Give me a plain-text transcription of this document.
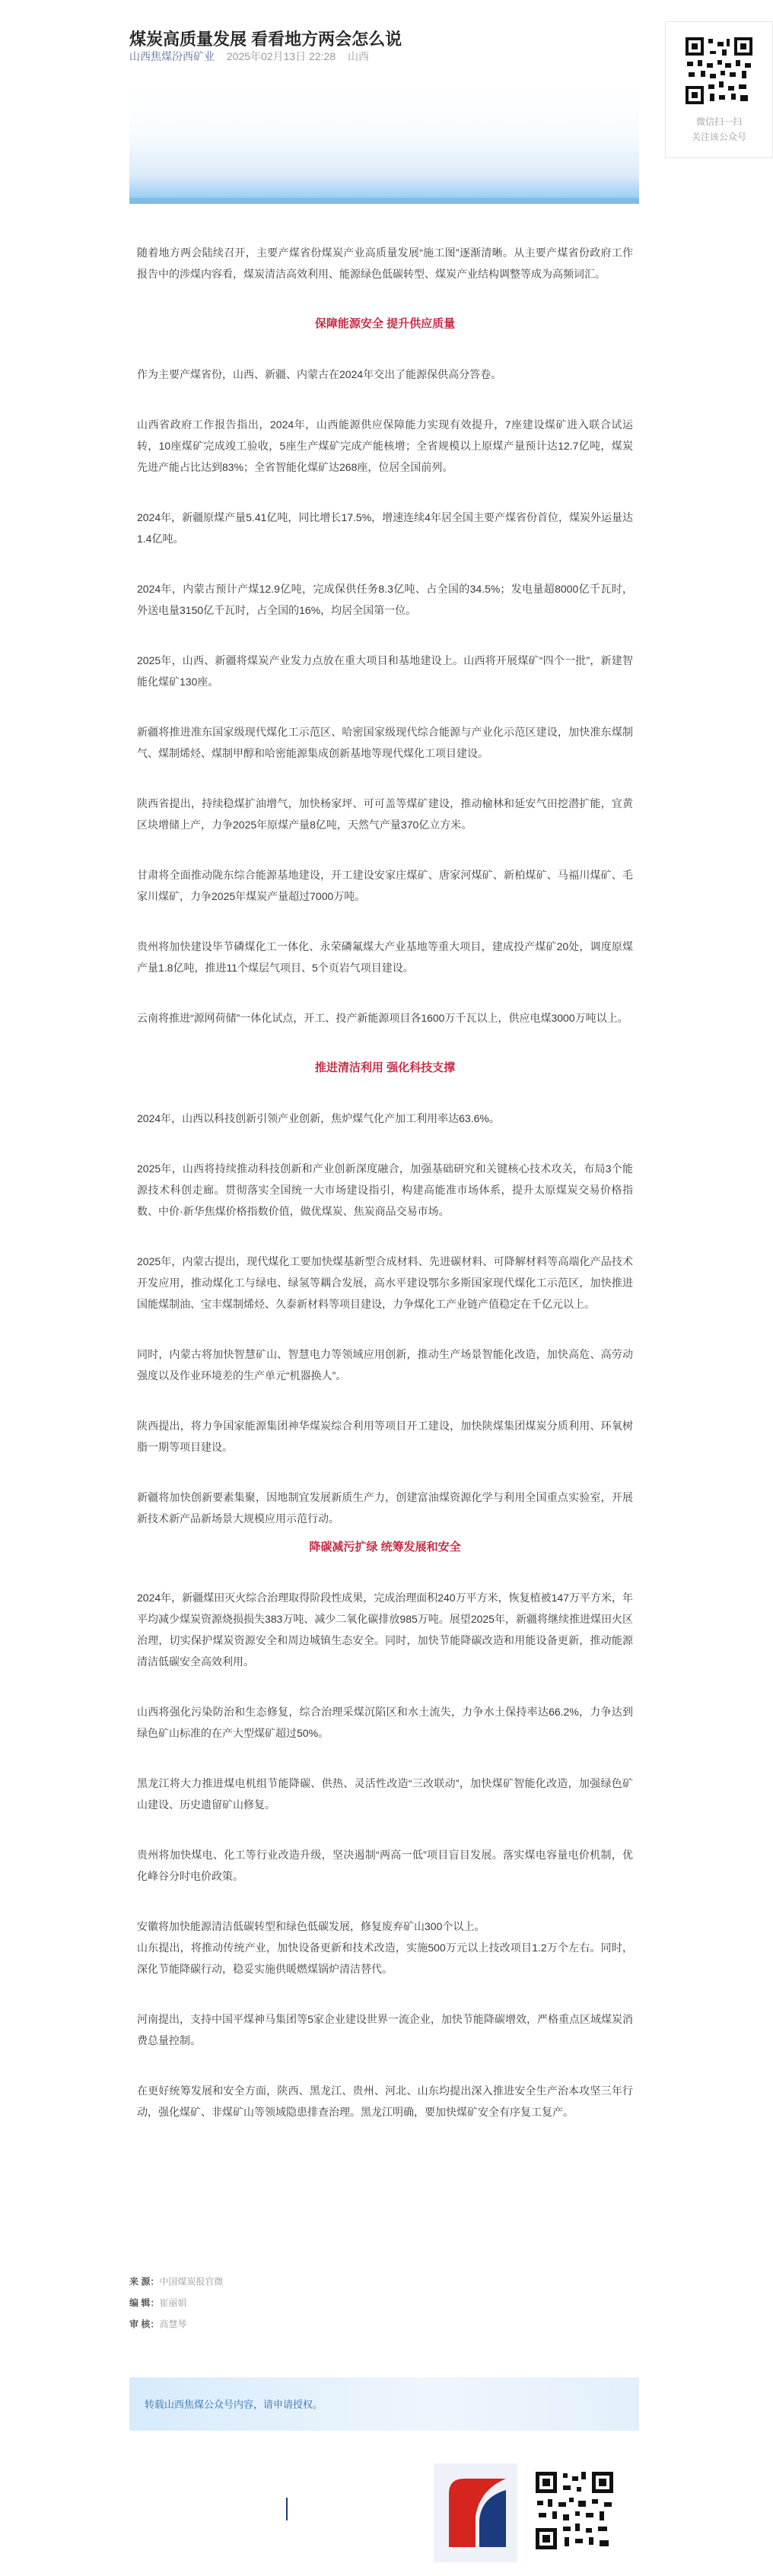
煤炭高质量发展 看看地方两会怎么说
山西焦煤汾西矿业 2025年02月13日 22:28 山西

随着地方两会陆续召开，主要产煤省份煤炭产业高质量发展“施工图”逐渐清晰。从主要产煤省份政府工作报告中的涉煤内容看，煤炭清洁高效利用、能源绿色低碳转型、煤炭产业结构调整等成为高频词汇。

保障能源安全 提升供应质量

作为主要产煤省份，山西、新疆、内蒙古在2024年交出了能源保供高分答卷。

山西省政府工作报告指出，2024年，山西能源供应保障能力实现有效提升，7座建设煤矿进入联合试运转，10座煤矿完成竣工验收，5座生产煤矿完成产能核增；全省规模以上原煤产量预计达12.7亿吨，煤炭先进产能占比达到83%；全省智能化煤矿达268座，位居全国前列。

2024年，新疆原煤产量5.41亿吨，同比增长17.5%，增速连续4年居全国主要产煤省份首位，煤炭外运量达1.4亿吨。

2024年，内蒙古预计产煤12.9亿吨，完成保供任务8.3亿吨、占全国的34.5%；发电量超8000亿千瓦时，外送电量3150亿千瓦时，占全国的16%，均居全国第一位。

2025年，山西、新疆将煤炭产业发力点放在重大项目和基地建设上。山西将开展煤矿“四个一批”，新建智能化煤矿130座。

新疆将推进准东国家级现代煤化工示范区、哈密国家级现代综合能源与产业化示范区建设，加快准东煤制气、煤制烯烃、煤制甲醇和哈密能源集成创新基地等现代煤化工项目建设。

陕西省提出，持续稳煤扩油增气，加快杨家坪、可可盖等煤矿建设，推动榆林和延安气田挖潜扩能，宜黄区块增储上产，力争2025年原煤产量8亿吨，天然气产量370亿立方米。

甘肃将全面推动陇东综合能源基地建设，开工建设安家庄煤矿、唐家河煤矿、新柏煤矿、马福川煤矿、毛家川煤矿，力争2025年煤炭产量超过7000万吨。

贵州将加快建设毕节磷煤化工一体化、永荣磷氟煤大产业基地等重大项目，建成投产煤矿20处，调度原煤产量1.8亿吨，推进11个煤层气项目、5个页岩气项目建设。

云南将推进“源网荷储”一体化试点，开工、投产新能源项目各1600万千瓦以上，供应电煤3000万吨以上。

推进清洁利用 强化科技支撑

2024年，山西以科技创新引领产业创新，焦炉煤气化产加工利用率达63.6%。

2025年，山西将持续推动科技创新和产业创新深度融合，加强基础研究和关键核心技术攻关，布局3个能源技术科创走廊。贯彻落实全国统一大市场建设指引，构建高能准市场体系，提升太原煤炭交易价格指数、中价·新华焦煤价格指数价值，做优煤炭、焦炭商品交易市场。

2025年，内蒙古提出，现代煤化工要加快煤基新型合成材料、先进碳材料、可降解材料等高端化产品技术开发应用，推动煤化工与绿电、绿氢等耦合发展，高水平建设鄂尔多斯国家现代煤化工示范区，加快推进国能煤制油、宝丰煤制烯烃、久泰新材料等项目建设，力争煤化工产业链产值稳定在千亿元以上。

同时，内蒙古将加快智慧矿山、智慧电力等领域应用创新，推动生产场景智能化改造，加快高危、高劳动强度以及作业环境差的生产单元“机器换人”。

陕西提出，将力争国家能源集团神华煤炭综合利用等项目开工建设，加快陕煤集团煤炭分质利用、环氧树脂一期等项目建设。

新疆将加快创新要素集聚，因地制宜发展新质生产力，创建富油煤资源化学与利用全国重点实验室，开展新技术新产品新场景大规模应用示范行动。

降碳减污扩绿 统筹发展和安全

2024年，新疆煤田灭火综合治理取得阶段性成果，完成治理面积240万平方米，恢复植被147万平方米，年平均减少煤炭资源烧损损失383万吨、减少二氧化碳排放985万吨。展望2025年，新疆将继续推进煤田火区治理，切实保护煤炭资源安全和周边城镇生态安全。同时，加快节能降碳改造和用能设备更新，推动能源清洁低碳安全高效利用。

山西将强化污染防治和生态修复，综合治理采煤沉陷区和水土流失，力争水土保持率达66.2%，力争达到绿色矿山标准的在产大型煤矿超过50%。

黑龙江将大力推进煤电机组节能降碳、供热、灵活性改造“三改联动”，加快煤矿智能化改造，加强绿色矿山建设、历史遗留矿山修复。

贵州将加快煤电、化工等行业改造升级，坚决遏制“两高一低”项目盲目发展。落实煤电容量电价机制，优化峰谷分时电价政策。

安徽将加快能源清洁低碳转型和绿色低碳发展，修复废弃矿山300个以上。

山东提出，将推动传统产业，加快设备更新和技术改造，实施500万元以上技改项目1.2万个左右。同时，深化节能降碳行动，稳妥实施供暖燃煤锅炉清洁替代。

河南提出，支持中国平煤神马集团等5家企业建设世界一流企业，加快节能降碳增效，严格重点区域煤炭消费总量控制。

在更好统筹发展和安全方面，陕西、黑龙江、贵州、河北、山东均提出深入推进安全生产治本攻坚三年行动，强化煤矿、非煤矿山等领域隐患排查治理。黑龙江明确，要加快煤矿安全有序复工复产。

来 源：中国煤炭报官微
编 辑：崔丽娟
审 核：高慧琴
转载山西焦煤公众号内容，请申请授权。
微信扫一扫
关注该公众号
